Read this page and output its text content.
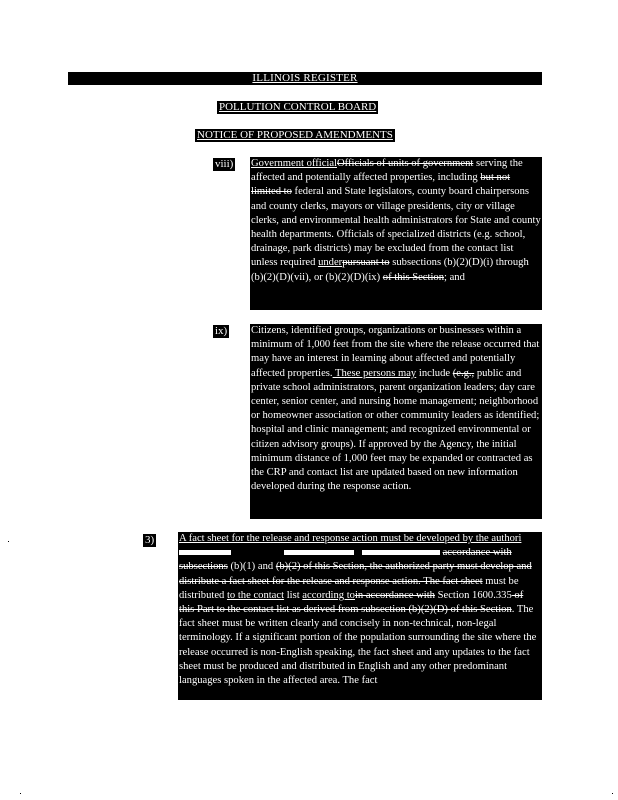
ILLINOIS REGISTER
POLLUTION CONTROL BOARD
NOTICE OF PROPOSED AMENDMENTS
viii) Government officialOfficials of units of government serving the affected and potentially affected properties, including but not limited to federal and State legislators, county board chairpersons and county clerks, mayors or village presidents, city or village clerks, and environmental health administrators for State and county health departments. Officials of specialized districts (e.g. school, drainage, park districts) may be excluded from the contact list unless required underpursuant to subsections (b)(2)(D)(i) through (b)(2)(D)(vii), or (b)(2)(D)(ix) of this Section; and

ix) Citizens, identified groups, organizations or businesses within a minimum of 1,000 feet from the site where the release occurred that may have an interest in learning about affected and potentially affected properties. These persons may include (e.g., public and private school administrators, parent organization leaders; day care center, senior center, and nursing home management; neighborhood or homeowner association or other community leaders as identified; hospital and clinic management; and recognized environmental or citizen advisory groups). If approved by the Agency, the initial minimum distance of 1,000 feet may be expanded or contracted as the CRP and contact list are updated based on new information developed during the response action.

3) A fact sheet for the release and response action must be developed by the authori                        accordance with subsections (b)(1) and (b)(2) of this Section, the authorized party must develop and distribute a fact sheet for the release and response action. The fact sheet must be distributed to the contact list according toin accordance with Section 1600.335 of this Part to the contact list as derived from subsection (b)(2)(D) of this Section. The fact sheet must be written clearly and concisely in non-technical, non-legal terminology. If a significant portion of the population surrounding the site where the release occurred is non-English speaking, the fact sheet and any updates to the fact sheet must be produced and distributed in English and any other predominant languages spoken in the affected area. The fact
